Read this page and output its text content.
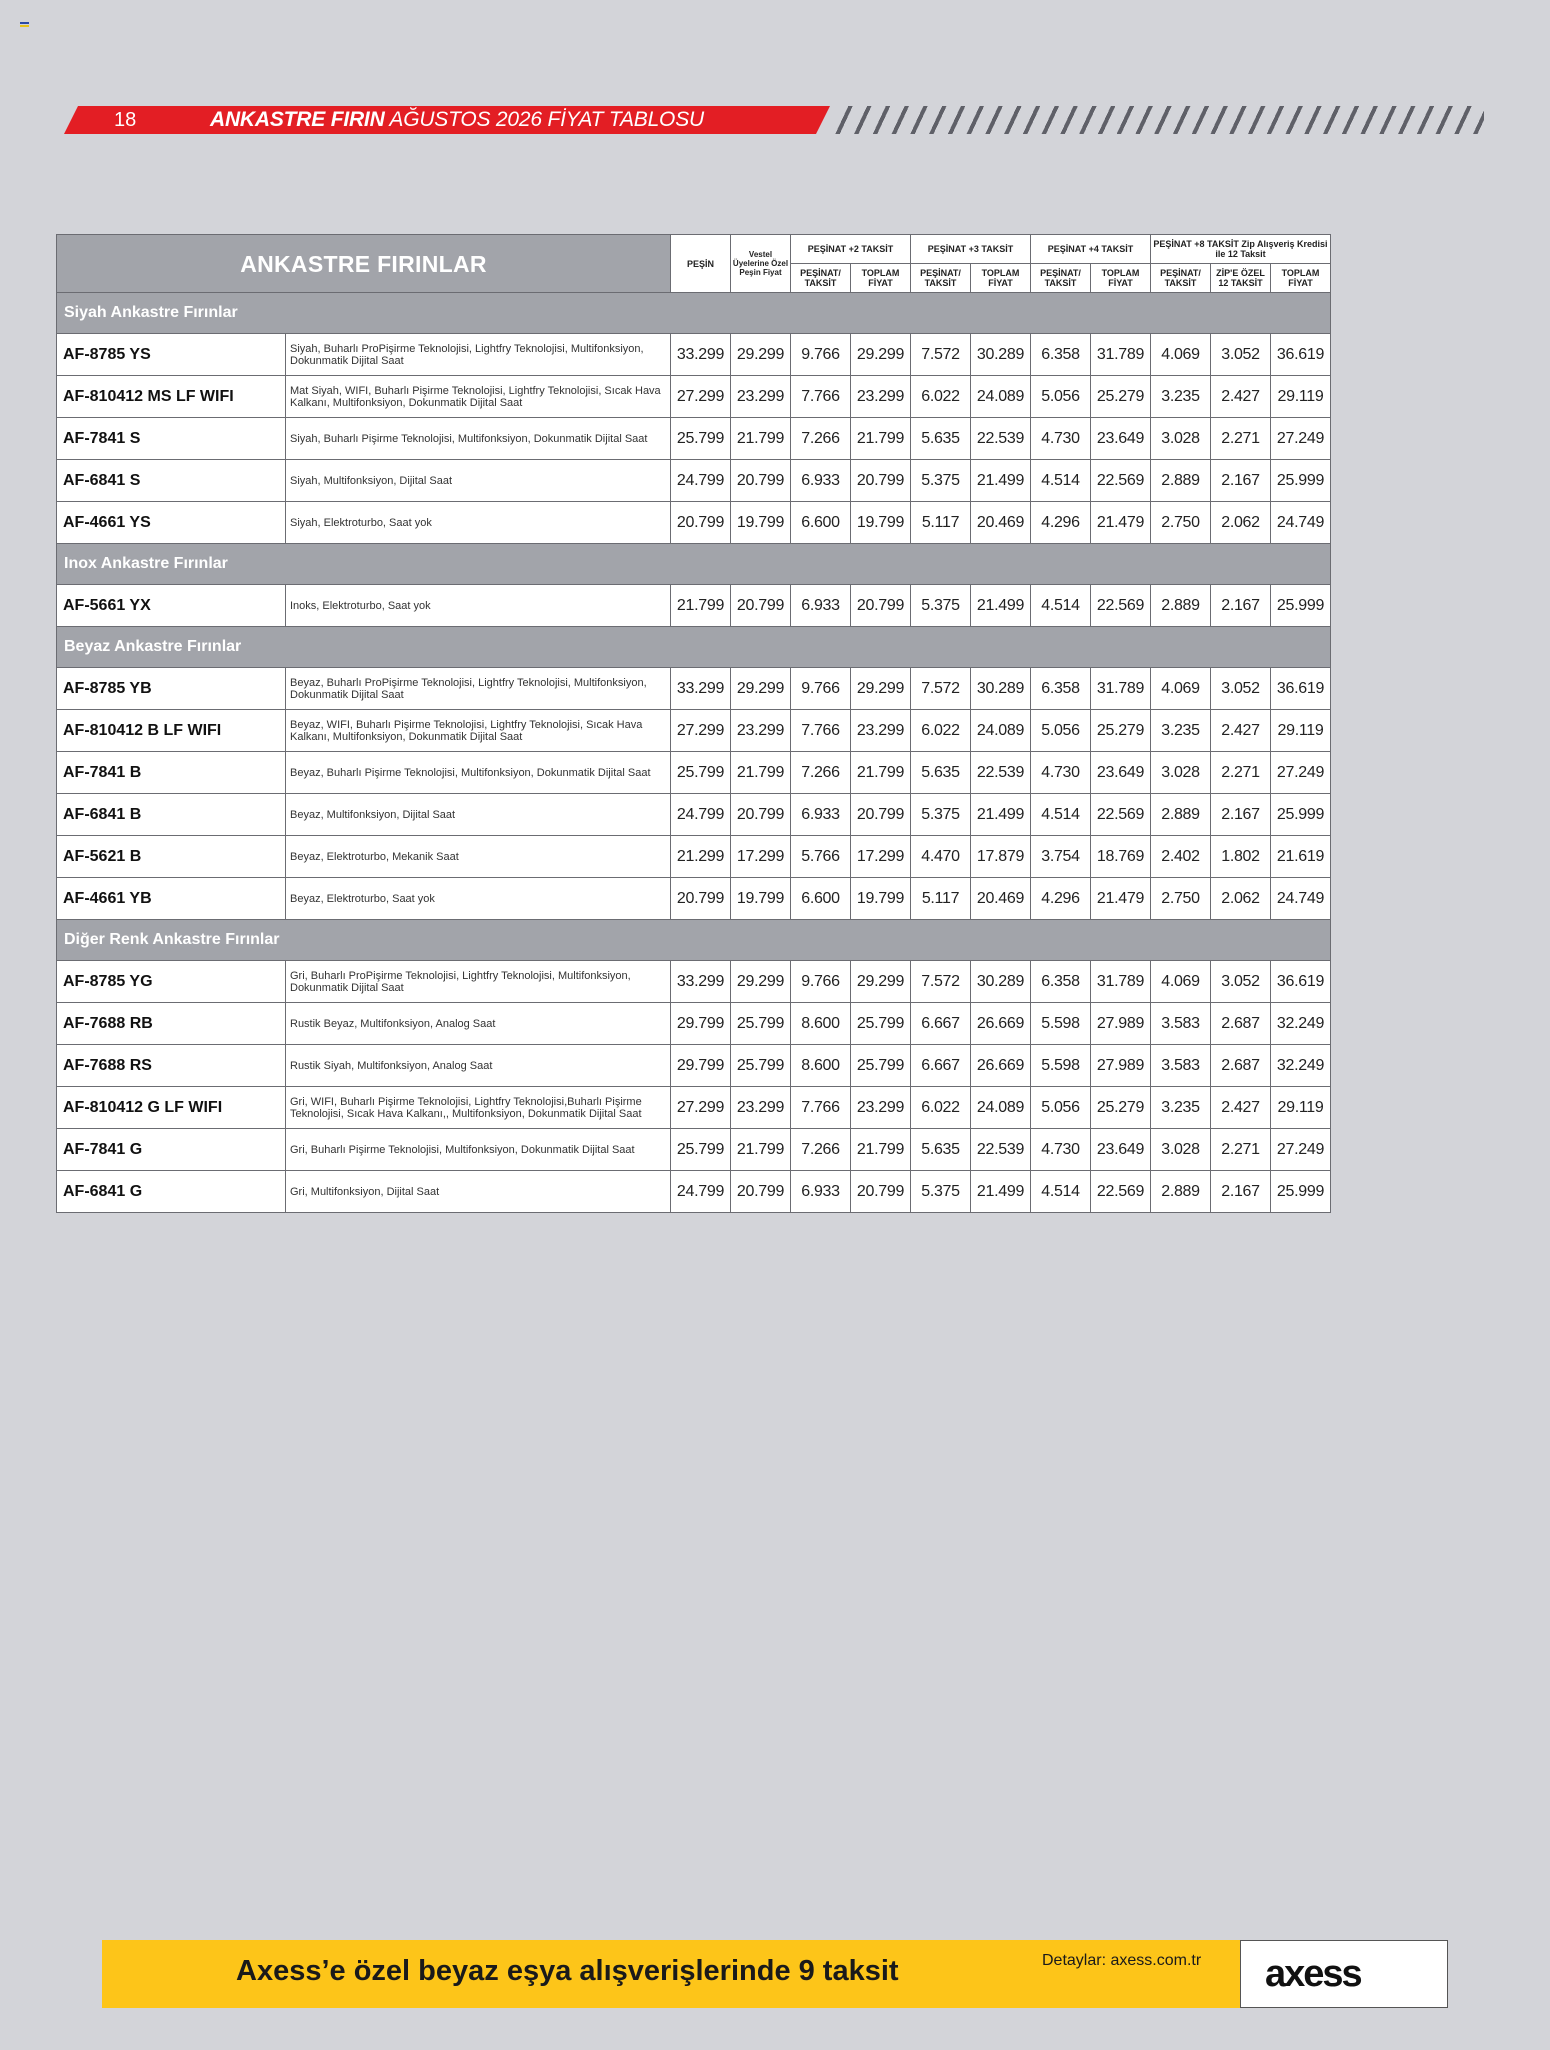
18	ANKASTRE FIRIN AĞUSTOS 2026 FİYAT TABLOSU
ANKASTRE FIRINLAR		PEŞİN	Vestel Üyelerine Özel Peşin Fiyat	PEŞİNAT +2 TAKSİT		PEŞİNAT +3 TAKSİT		PEŞİNAT +4 TAKSİT		PEŞİNAT +8 TAKSİT Zip Alışveriş Kredisi ile 12 Taksit		
				PEŞİNAT/ TAKSİT	TOPLAM FİYAT	PEŞİNAT/ TAKSİT	TOPLAM FİYAT	PEŞİNAT/ TAKSİT	TOPLAM FİYAT	PEŞİNAT/ TAKSİT	ZİP'E ÖZEL 12 TAKSİT	TOPLAM FİYAT
Siyah Ankastre Fırınlar												
AF-8785 YS	Siyah, Buharlı ProPişirme Teknolojisi, Lightfry Teknolojisi, Multifonksiyon, Dokunmatik Dijital Saat	33.299	29.299	9.766	29.299	7.572	30.289	6.358	31.789	4.069	3.052	36.619
AF-810412 MS LF WIFI	Mat Siyah, WIFI, Buharlı Pişirme Teknolojisi, Lightfry Teknolojisi, Sıcak Hava Kalkanı, Multifonksiyon, Dokunmatik Dijital Saat	27.299	23.299	7.766	23.299	6.022	24.089	5.056	25.279	3.235	2.427	29.119
AF-7841 S	Siyah, Buharlı Pişirme Teknolojisi, Multifonksiyon, Dokunmatik Dijital Saat	25.799	21.799	7.266	21.799	5.635	22.539	4.730	23.649	3.028	2.271	27.249
AF-6841 S	Siyah, Multifonksiyon, Dijital Saat	24.799	20.799	6.933	20.799	5.375	21.499	4.514	22.569	2.889	2.167	25.999
AF-4661 YS	Siyah, Elektroturbo, Saat yok	20.799	19.799	6.600	19.799	5.117	20.469	4.296	21.479	2.750	2.062	24.749
Inox Ankastre Fırınlar												
AF-5661 YX	Inoks, Elektroturbo, Saat yok	21.799	20.799	6.933	20.799	5.375	21.499	4.514	22.569	2.889	2.167	25.999
Beyaz Ankastre Fırınlar												
AF-8785 YB	Beyaz, Buharlı ProPişirme Teknolojisi, Lightfry Teknolojisi, Multifonksiyon, Dokunmatik Dijital Saat	33.299	29.299	9.766	29.299	7.572	30.289	6.358	31.789	4.069	3.052	36.619
AF-810412 B LF WIFI	Beyaz, WIFI, Buharlı Pişirme Teknolojisi, Lightfry Teknolojisi, Sıcak Hava Kalkanı, Multifonksiyon, Dokunmatik Dijital Saat	27.299	23.299	7.766	23.299	6.022	24.089	5.056	25.279	3.235	2.427	29.119
AF-7841 B	Beyaz, Buharlı Pişirme Teknolojisi, Multifonksiyon, Dokunmatik Dijital Saat	25.799	21.799	7.266	21.799	5.635	22.539	4.730	23.649	3.028	2.271	27.249
AF-6841 B	Beyaz, Multifonksiyon, Dijital Saat	24.799	20.799	6.933	20.799	5.375	21.499	4.514	22.569	2.889	2.167	25.999
AF-5621 B	Beyaz, Elektroturbo, Mekanik Saat	21.299	17.299	5.766	17.299	4.470	17.879	3.754	18.769	2.402	1.802	21.619
AF-4661 YB	Beyaz, Elektroturbo, Saat yok	20.799	19.799	6.600	19.799	5.117	20.469	4.296	21.479	2.750	2.062	24.749
Diğer Renk Ankastre Fırınlar												
AF-8785 YG	Gri, Buharlı ProPişirme Teknolojisi, Lightfry Teknolojisi, Multifonksiyon, Dokunmatik Dijital Saat	33.299	29.299	9.766	29.299	7.572	30.289	6.358	31.789	4.069	3.052	36.619
AF-7688 RB	Rustik Beyaz, Multifonksiyon, Analog Saat	29.799	25.799	8.600	25.799	6.667	26.669	5.598	27.989	3.583	2.687	32.249
AF-7688 RS	Rustik Siyah, Multifonksiyon, Analog Saat	29.799	25.799	8.600	25.799	6.667	26.669	5.598	27.989	3.583	2.687	32.249
AF-810412 G LF WIFI	Gri, WIFI, Buharlı Pişirme Teknolojisi, Lightfry Teknolojisi,Buharlı Pişirme Teknolojisi, Sıcak Hava Kalkanı,, Multifonksiyon, Dokunmatik Dijital Saat	27.299	23.299	7.766	23.299	6.022	24.089	5.056	25.279	3.235	2.427	29.119
AF-7841 G	Gri, Buharlı Pişirme Teknolojisi, Multifonksiyon, Dokunmatik Dijital Saat	25.799	21.799	7.266	21.799	5.635	22.539	4.730	23.649	3.028	2.271	27.249
AF-6841 G	Gri, Multifonksiyon, Dijital Saat	24.799	20.799	6.933	20.799	5.375	21.499	4.514	22.569	2.889	2.167	25.999
Axess’e özel beyaz eşya alışverişlerinde 9 taksit	Detaylar: axess.com.tr axess
